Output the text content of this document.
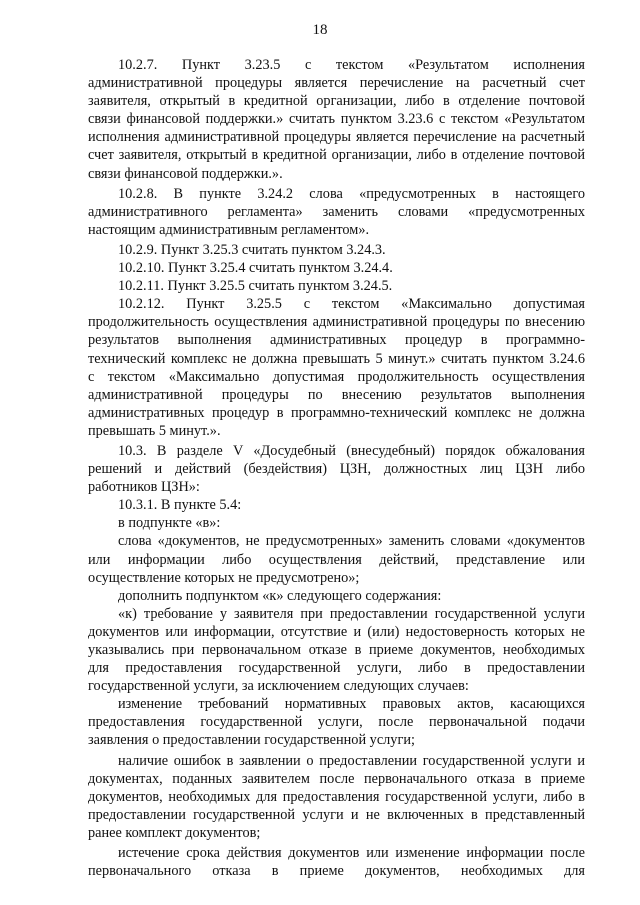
18
10.2.7. Пункт 3.23.5 с текстом «Результатом исполнения
административной процедуры является перечисление на расчетный счет
заявителя, открытый в кредитной организации, либо в отделение почтовой
связи финансовой поддержки.» считать пунктом 3.23.6 с текстом «Результатом
исполнения административной процедуры является перечисление на расчетный
счет заявителя, открытый в кредитной организации, либо в отделение почтовой
связи финансовой поддержки.».
10.2.8. В пункте 3.24.2 слова «предусмотренных в настоящего
административного регламента» заменить словами «предусмотренных
настоящим административным регламентом».
10.2.9. Пункт 3.25.3 считать пунктом 3.24.3.
10.2.10. Пункт 3.25.4 считать пунктом 3.24.4.
10.2.11. Пункт 3.25.5 считать пунктом 3.24.5.
10.2.12. Пункт 3.25.5 с текстом «Максимально допустимая
продолжительность осуществления административной процедуры по внесению
результатов выполнения административных процедур в программно-
технический комплекс не должна превышать 5 минут.» считать пунктом 3.24.6
с текстом «Максимально допустимая продолжительность осуществления
административной процедуры по внесению результатов выполнения
административных процедур в программно-технический комплекс не должна
превышать 5 минут.».
10.3. В разделе V «Досудебный (внесудебный) порядок обжалования
решений и действий (бездействия) ЦЗН, должностных лиц ЦЗН либо
работников ЦЗН»:
10.3.1. В пункте 5.4:
в подпункте «в»:
слова «документов, не предусмотренных» заменить словами «документов
или информации либо осуществления действий, представление или
осуществление которых не предусмотрено»;
дополнить подпунктом «к» следующего содержания:
«к) требование у заявителя при предоставлении государственной услуги
документов или информации, отсутствие и (или) недостоверность которых не
указывались при первоначальном отказе в приеме документов, необходимых
для предоставления государственной услуги, либо в предоставлении
государственной услуги, за исключением следующих случаев:
изменение требований нормативных правовых актов, касающихся
предоставления государственной услуги, после первоначальной подачи
заявления о предоставлении государственной услуги;
наличие ошибок в заявлении о предоставлении государственной услуги и
документах, поданных заявителем после первоначального отказа в приеме
документов, необходимых для предоставления государственной услуги, либо в
предоставлении государственной услуги и не включенных в представленный
ранее комплект документов;
истечение срока действия документов или изменение информации после
первоначального отказа в приеме документов, необходимых для
